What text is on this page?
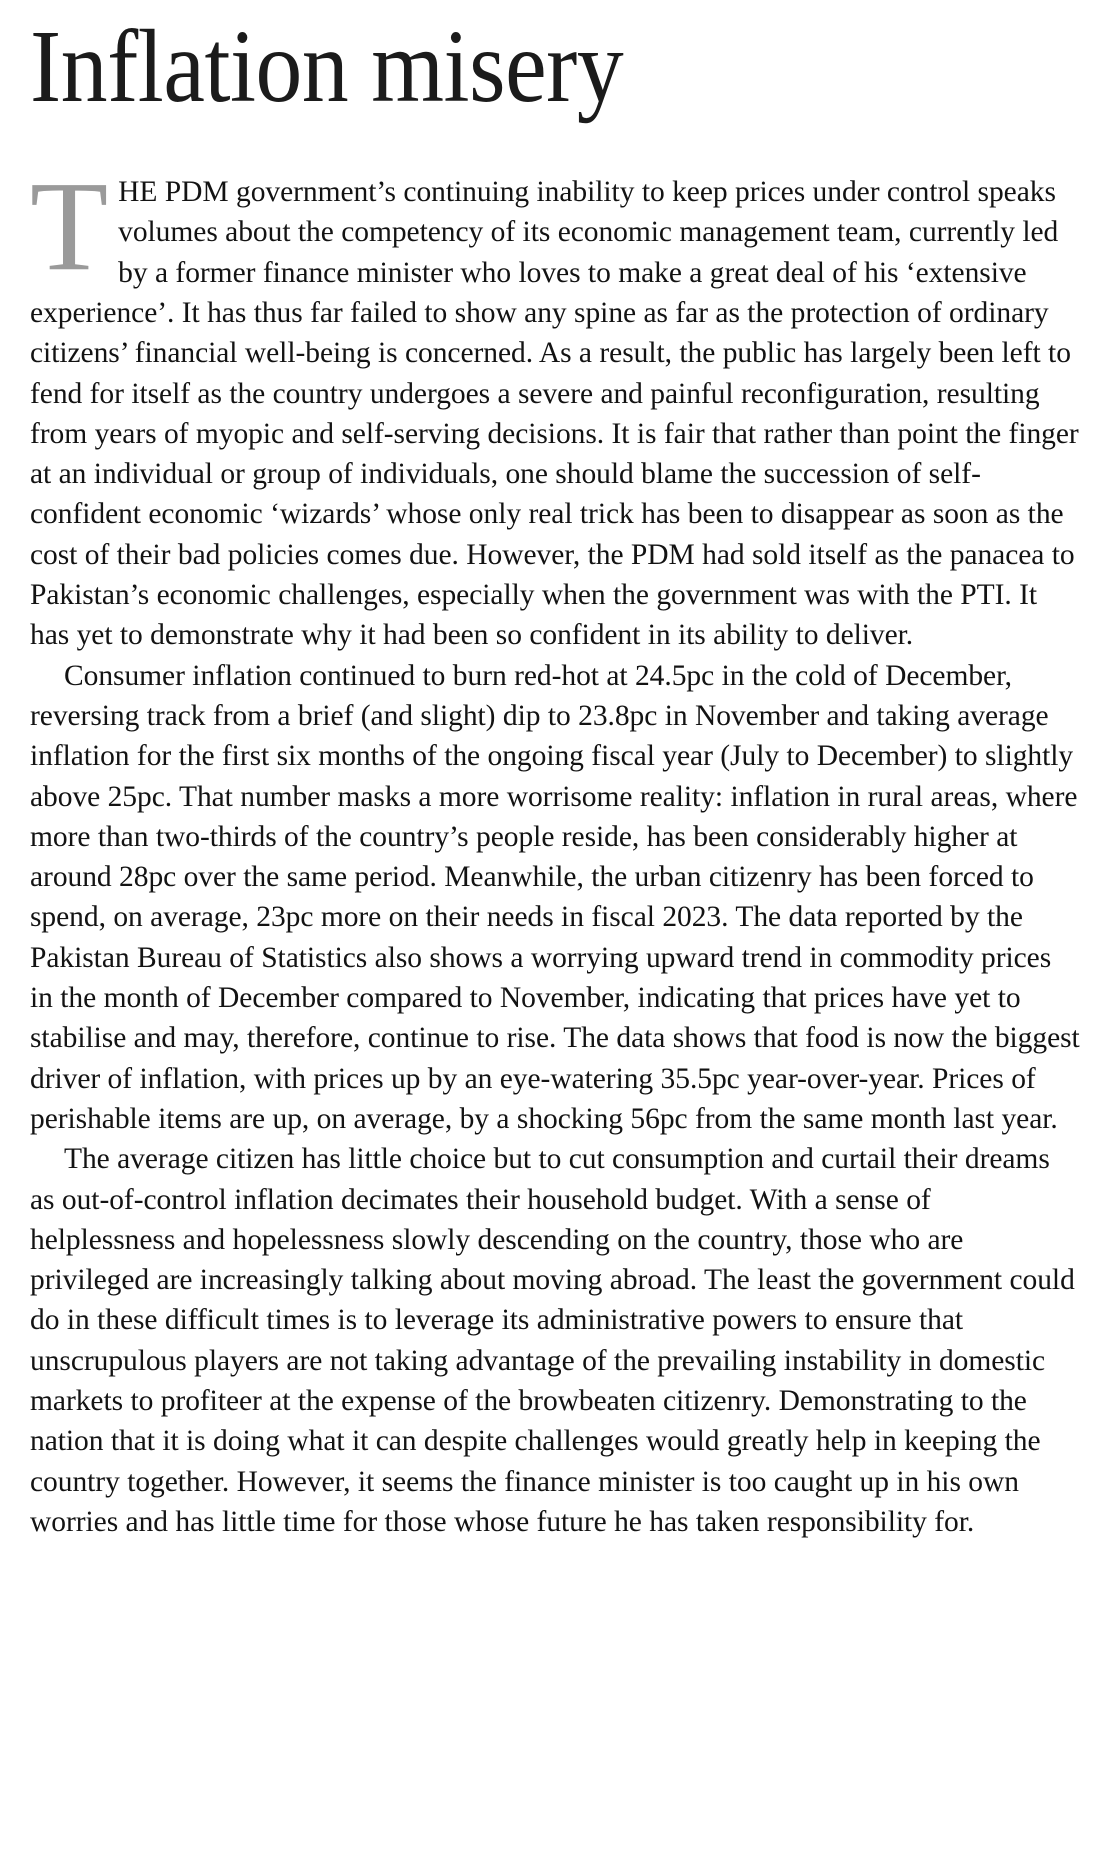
Inflation misery

THE PDM government’s continuing inability to keep prices under control speaks volumes about the competency of its economic management team, currently led by a former finance minister who loves to make a great deal of his ‘extensive experience’. It has thus far failed to show any spine as far as the protection of ordinary citizens’ financial well-being is concerned. As a result, the public has largely been left to fend for itself as the country undergoes a severe and painful reconfiguration, resulting from years of myopic and self-serving decisions. It is fair that rather than point the finger at an individual or group of individuals, one should blame the succession of self-confident economic ‘wizards’ whose only real trick has been to disappear as soon as the cost of their bad policies comes due. However, the PDM had sold itself as the panacea to Pakistan’s economic challenges, especially when the government was with the PTI. It has yet to demonstrate why it had been so confident in its ability to deliver.

Consumer inflation continued to burn red-hot at 24.5pc in the cold of December, reversing track from a brief (and slight) dip to 23.8pc in November and taking average inflation for the first six months of the ongoing fiscal year (July to December) to slightly above 25pc. That number masks a more worrisome reality: inflation in rural areas, where more than two-thirds of the country’s people reside, has been considerably higher at around 28pc over the same period. Meanwhile, the urban citizenry has been forced to spend, on average, 23pc more on their needs in fiscal 2023. The data reported by the Pakistan Bureau of Statistics also shows a worrying upward trend in commodity prices in the month of December compared to November, indicating that prices have yet to stabilise and may, therefore, continue to rise. The data shows that food is now the biggest driver of inflation, with prices up by an eye-watering 35.5pc year-over-year. Prices of perishable items are up, on average, by a shocking 56pc from the same month last year.

The average citizen has little choice but to cut consumption and curtail their dreams as out-of-control inflation decimates their household budget. With a sense of helplessness and hopelessness slowly descending on the country, those who are privileged are increasingly talking about moving abroad. The least the government could do in these difficult times is to leverage its administrative powers to ensure that unscrupulous players are not taking advantage of the prevailing instability in domestic markets to profiteer at the expense of the browbeaten citizenry. Demonstrating to the nation that it is doing what it can despite challenges would greatly help in keeping the country together. However, it seems the finance minister is too caught up in his own worries and has little time for those whose future he has taken responsibility for.
